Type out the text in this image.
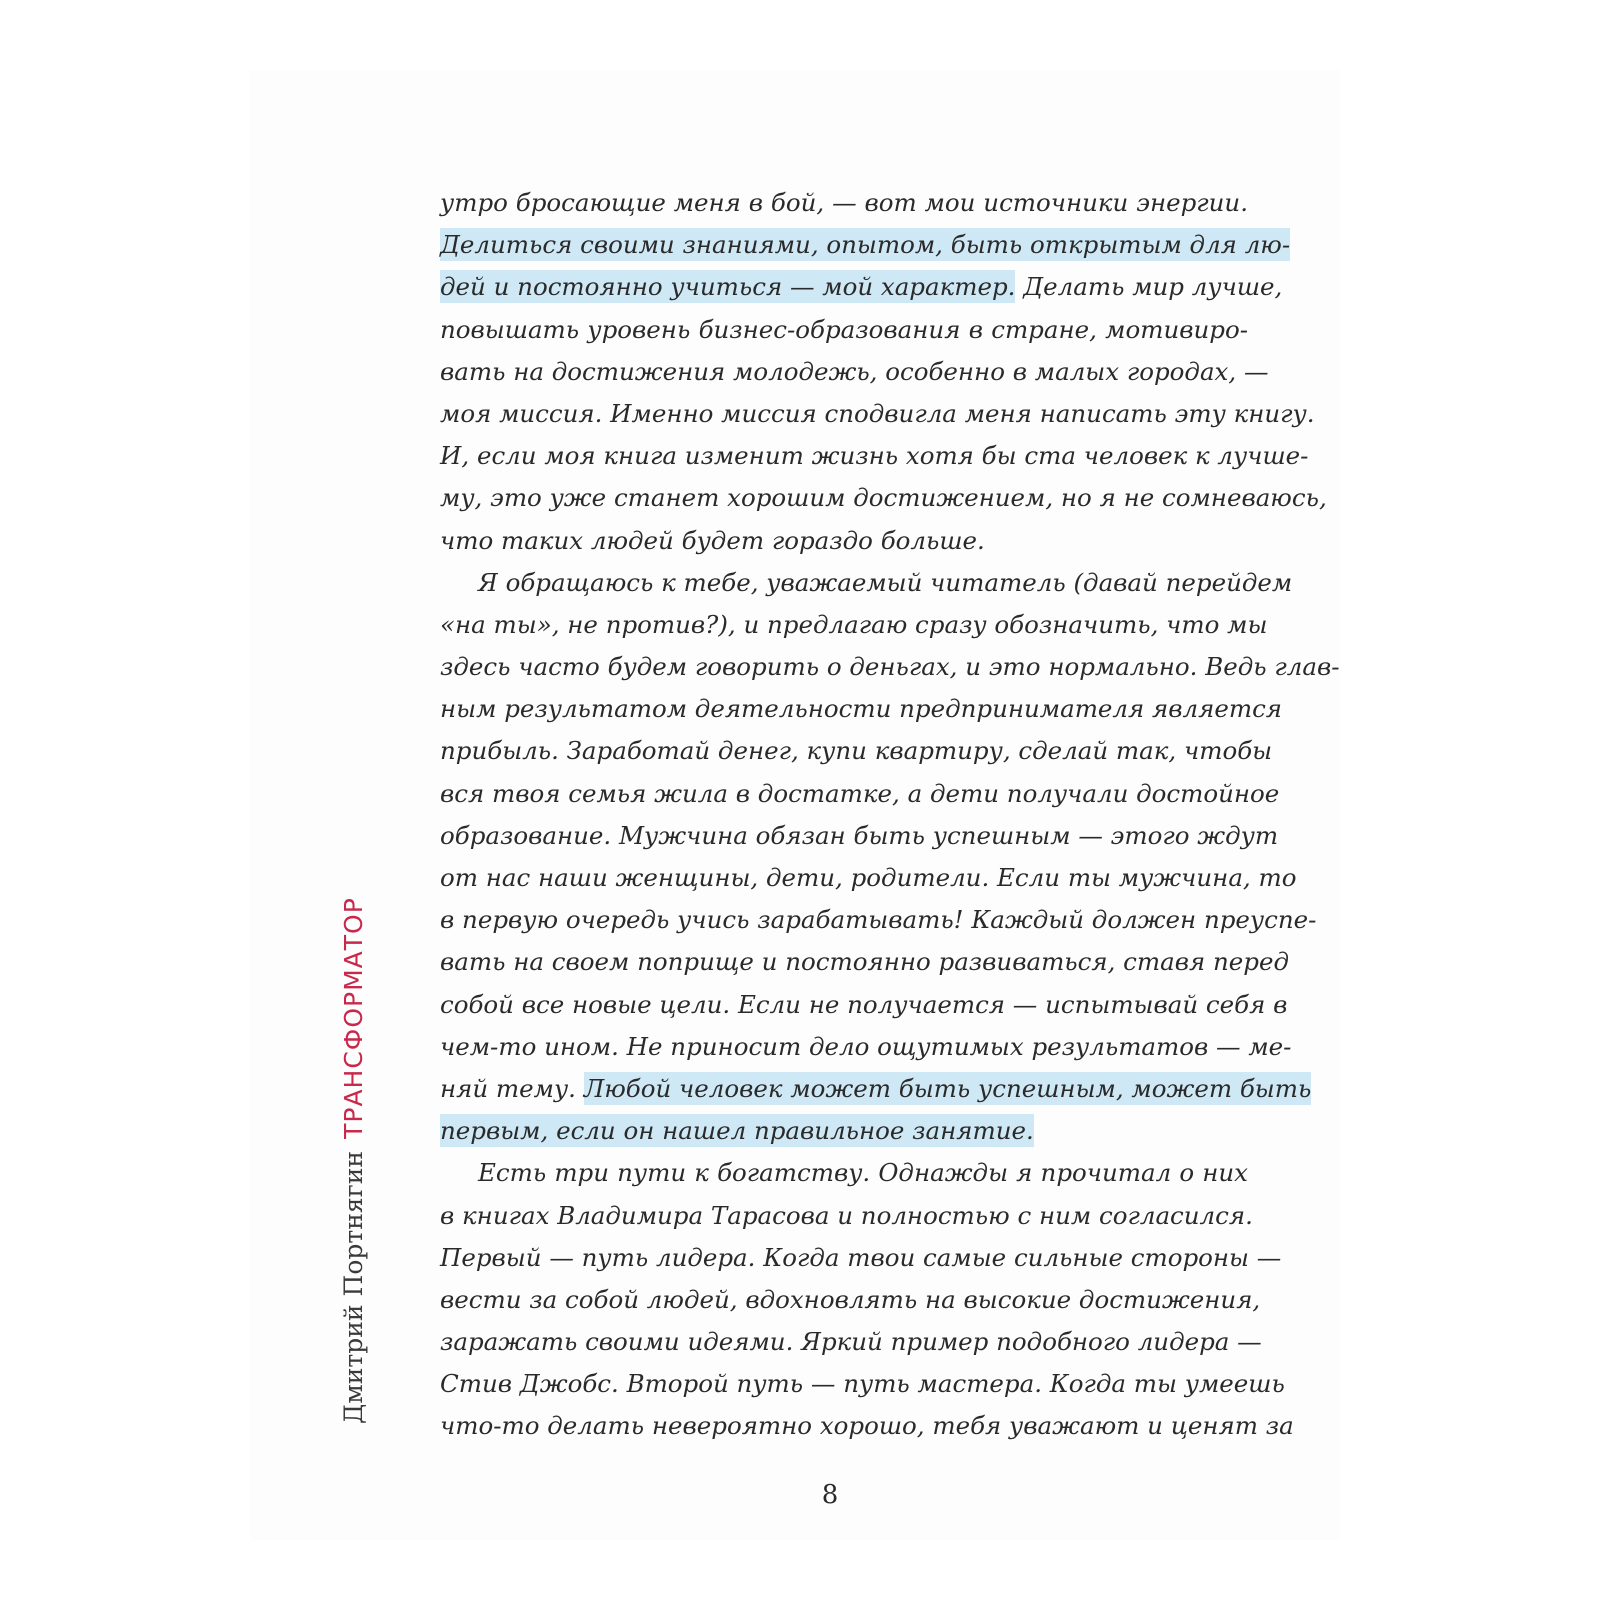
утро бросающие меня в бой, — вот мои источники энергии.
Делиться своими знаниями, опытом, быть открытым для лю-
дей и постоянно учиться — мой характер. Делать мир лучше,
повышать уровень бизнес-образования в стране, мотивиро-
вать на достижения молодежь, особенно в малых городах, —
моя миссия. Именно миссия сподвигла меня написать эту книгу.
И, если моя книга изменит жизнь хотя бы ста человек к лучше-
му, это уже станет хорошим достижением, но я не сомневаюсь,
что таких людей будет гораздо больше.
Я обращаюсь к тебе, уважаемый читатель (давай перейдем
«на ты», не против?), и предлагаю сразу обозначить, что мы
здесь часто будем говорить о деньгах, и это нормально. Ведь глав-
ным результатом деятельности предпринимателя является
прибыль. Заработай денег, купи квартиру, сделай так, чтобы
вся твоя семья жила в достатке, а дети получали достойное
образование. Мужчина обязан быть успешным — этого ждут
от нас наши женщины, дети, родители. Если ты мужчина, то
в первую очередь учись зарабатывать! Каждый должен преуспе-
вать на своем поприще и постоянно развиваться, ставя перед
собой все новые цели. Если не получается — испытывай себя в
чем-то ином. Не приносит дело ощутимых результатов — ме-
няй тему. Любой человек может быть успешным, может быть
первым, если он нашел правильное занятие.
Есть три пути к богатству. Однажды я прочитал о них
в книгах Владимира Тарасова и полностью с ним согласился.
Первый — путь лидера. Когда твои самые сильные стороны —
вести за собой людей, вдохновлять на высокие достижения,
заражать своими идеями. Яркий пример подобного лидера —
Стив Джобс. Второй путь — путь мастера. Когда ты умеешь
что-то делать невероятно хорошо, тебя уважают и ценят за
Дмитрий ПортнягинТРАНСФОРМАТОР
8
